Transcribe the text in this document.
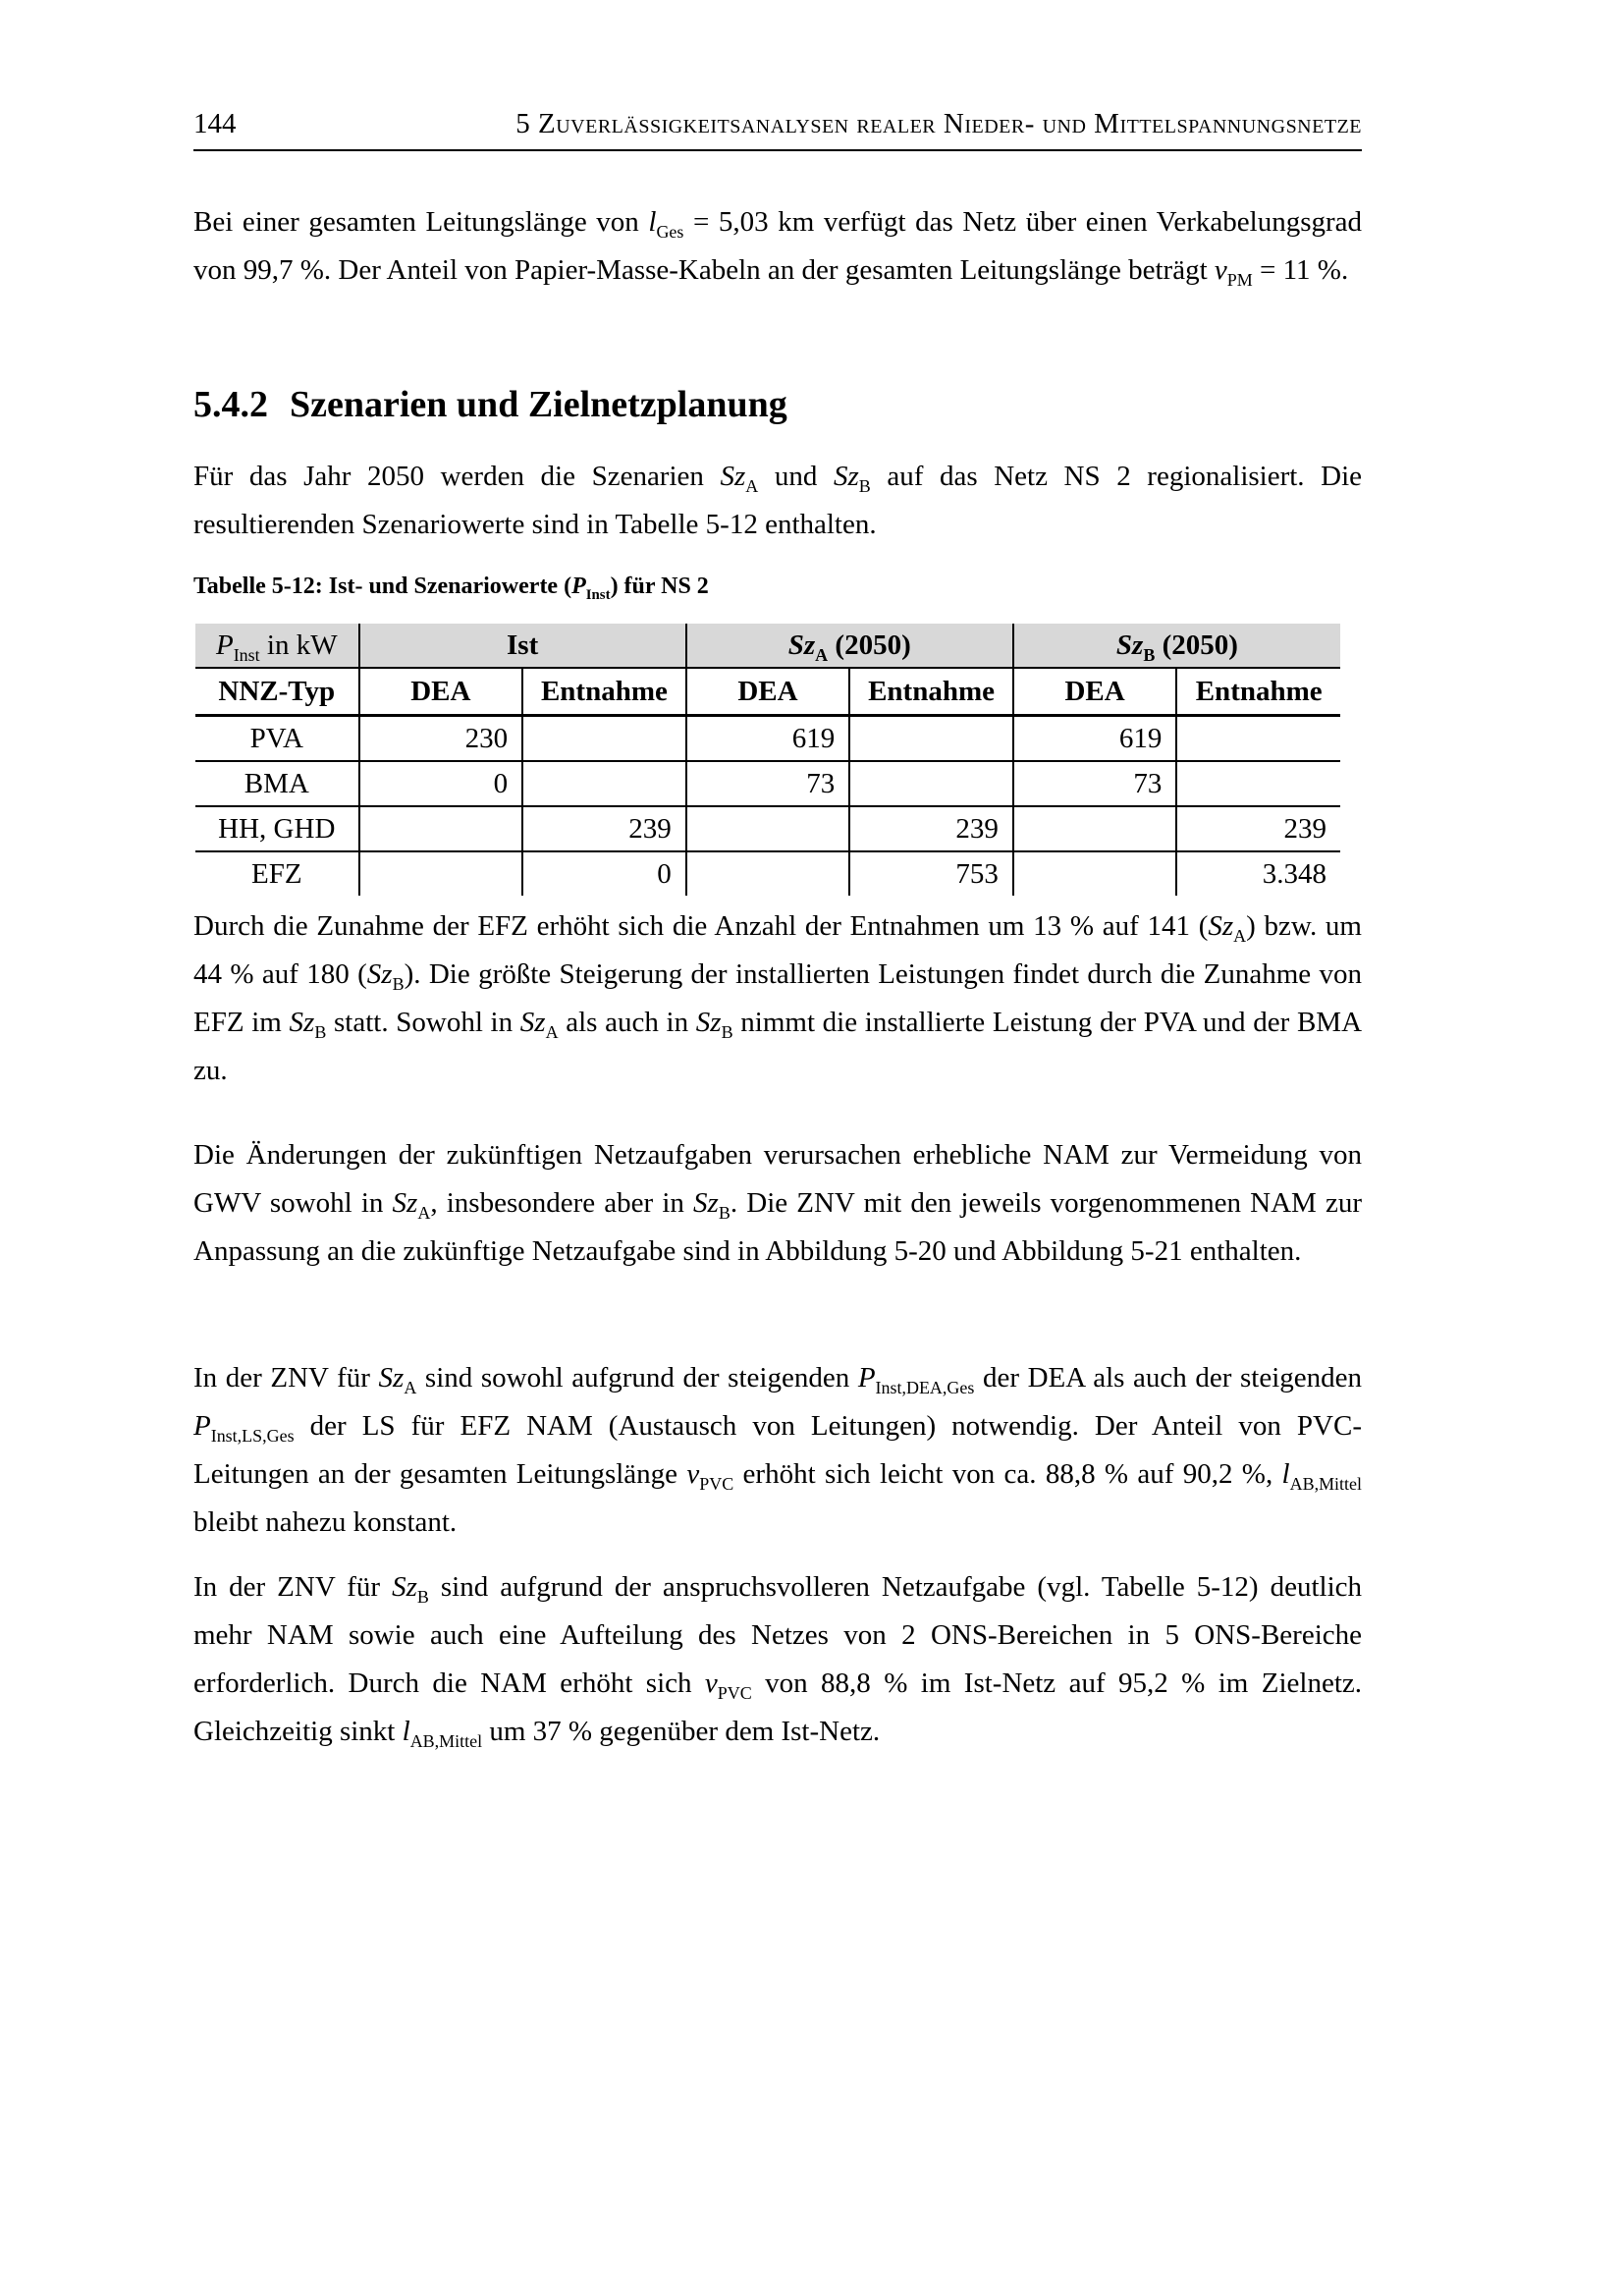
144	5 Zuverlässigkeitsanalysen realer Nieder- und Mittelspannungsnetze

Bei einer gesamten Leitungslänge von $l_{Ges} = 5,03$ km verfügt das Netz über einen Verkabelungsgrad von 99,7 %. Der Anteil von Papier-Masse-Kabeln an der gesamten Leitungslänge beträgt $v_{PM} = 11$ %.

5.4.2 Szenarien und Zielnetzplanung

Für das Jahr 2050 werden die Szenarien $Sz_A$ und $Sz_B$ auf das Netz NS 2 regionalisiert. Die resultierenden Szenariowerte sind in Tabelle 5-12 enthalten.

Tabelle 5-12: Ist- und Szenariowerte $(P_{Inst})$ für NS 2
$P_{Inst}$ in kW	Ist		$Sz_A$ (2050)		$Sz_B$ (2050)	
NNZ-Typ	DEA	Entnahme	DEA	Entnahme	DEA	Entnahme
PVA	230		619		619	
BMA	0		73		73	
HH, GHD		239		239		239
EFZ		0		753		3.348

Durch die Zunahme der EFZ erhöht sich die Anzahl der Entnahmen um 13 % auf 141 $(Sz_A)$ bzw. um 44 % auf 180 $(Sz_B)$. Die größte Steigerung der installierten Leistungen findet durch die Zunahme von EFZ im $Sz_B$ statt. Sowohl in $Sz_A$ als auch in $Sz_B$ nimmt die installierte Leistung der PVA und der BMA zu.

Die Änderungen der zukünftigen Netzaufgaben verursachen erhebliche NAM zur Vermeidung von GWV sowohl in $Sz_A$, insbesondere aber in $Sz_B$. Die ZNV mit den jeweils vorgenommenen NAM zur Anpassung an die zukünftige Netzaufgabe sind in Abbildung 5-20 und Abbildung 5-21 enthalten.

In der ZNV für $Sz_A$ sind sowohl aufgrund der steigenden $P_{Inst,DEA,Ges}$ der DEA als auch der steigenden $P_{Inst,LS,Ges}$ der LS für EFZ NAM (Austausch von Leitungen) notwendig. Der Anteil von PVC-Leitungen an der gesamten Leitungslänge $v_{PVC}$ erhöht sich leicht von ca. 88,8 % auf 90,2 %, $l_{AB,Mittel}$ bleibt nahezu konstant.

In der ZNV für $Sz_B$ sind aufgrund der anspruchsvolleren Netzaufgabe (vgl. Tabelle 5-12) deutlich mehr NAM sowie auch eine Aufteilung des Netzes von 2 ONS-Bereichen in 5 ONS-Bereiche erforderlich. Durch die NAM erhöht sich $v_{PVC}$ von 88,8 % im Ist-Netz auf 95,2 % im Zielnetz. Gleichzeitig sinkt $l_{AB,Mittel}$ um 37 % gegenüber dem Ist-Netz.
